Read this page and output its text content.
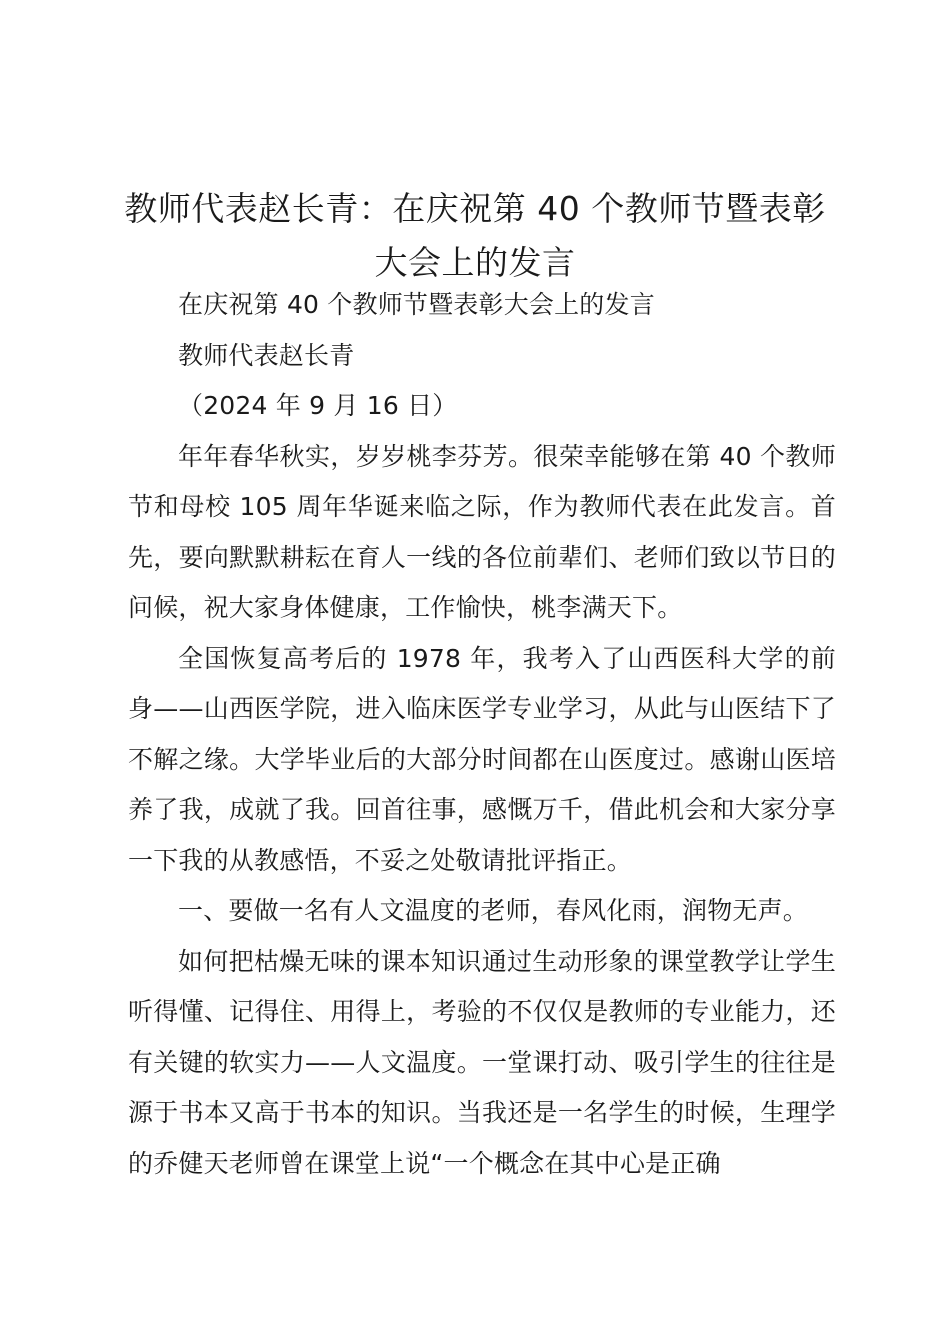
教师代表赵长青：在庆祝第 40 个教师节暨表彰大会上的发言

在庆祝第 40 个教师节暨表彰大会上的发言

教师代表赵长青

（2024 年 9 月 16 日）

年年春华秋实，岁岁桃李芬芳。很荣幸能够在第 40 个教师节和母校 105 周年华诞来临之际，作为教师代表在此发言。首先，要向默默耕耘在育人一线的各位前辈们、老师们致以节日的问候，祝大家身体健康，工作愉快，桃李满天下。

全国恢复高考后的 1978 年，我考入了山西医科大学的前身——山西医学院，进入临床医学专业学习，从此与山医结下了不解之缘。大学毕业后的大部分时间都在山医度过。感谢山医培养了我，成就了我。回首往事，感慨万千，借此机会和大家分享一下我的从教感悟，不妥之处敬请批评指正。

一、要做一名有人文温度的老师，春风化雨，润物无声。

如何把枯燥无味的课本知识通过生动形象的课堂教学让学生听得懂、记得住、用得上，考验的不仅仅是教师的专业能力，还有关键的软实力——人文温度。一堂课打动、吸引学生的往往是源于书本又高于书本的知识。当我还是一名学生的时候，生理学的乔健天老师曾在课堂上说“一个概念在其中心是正确
